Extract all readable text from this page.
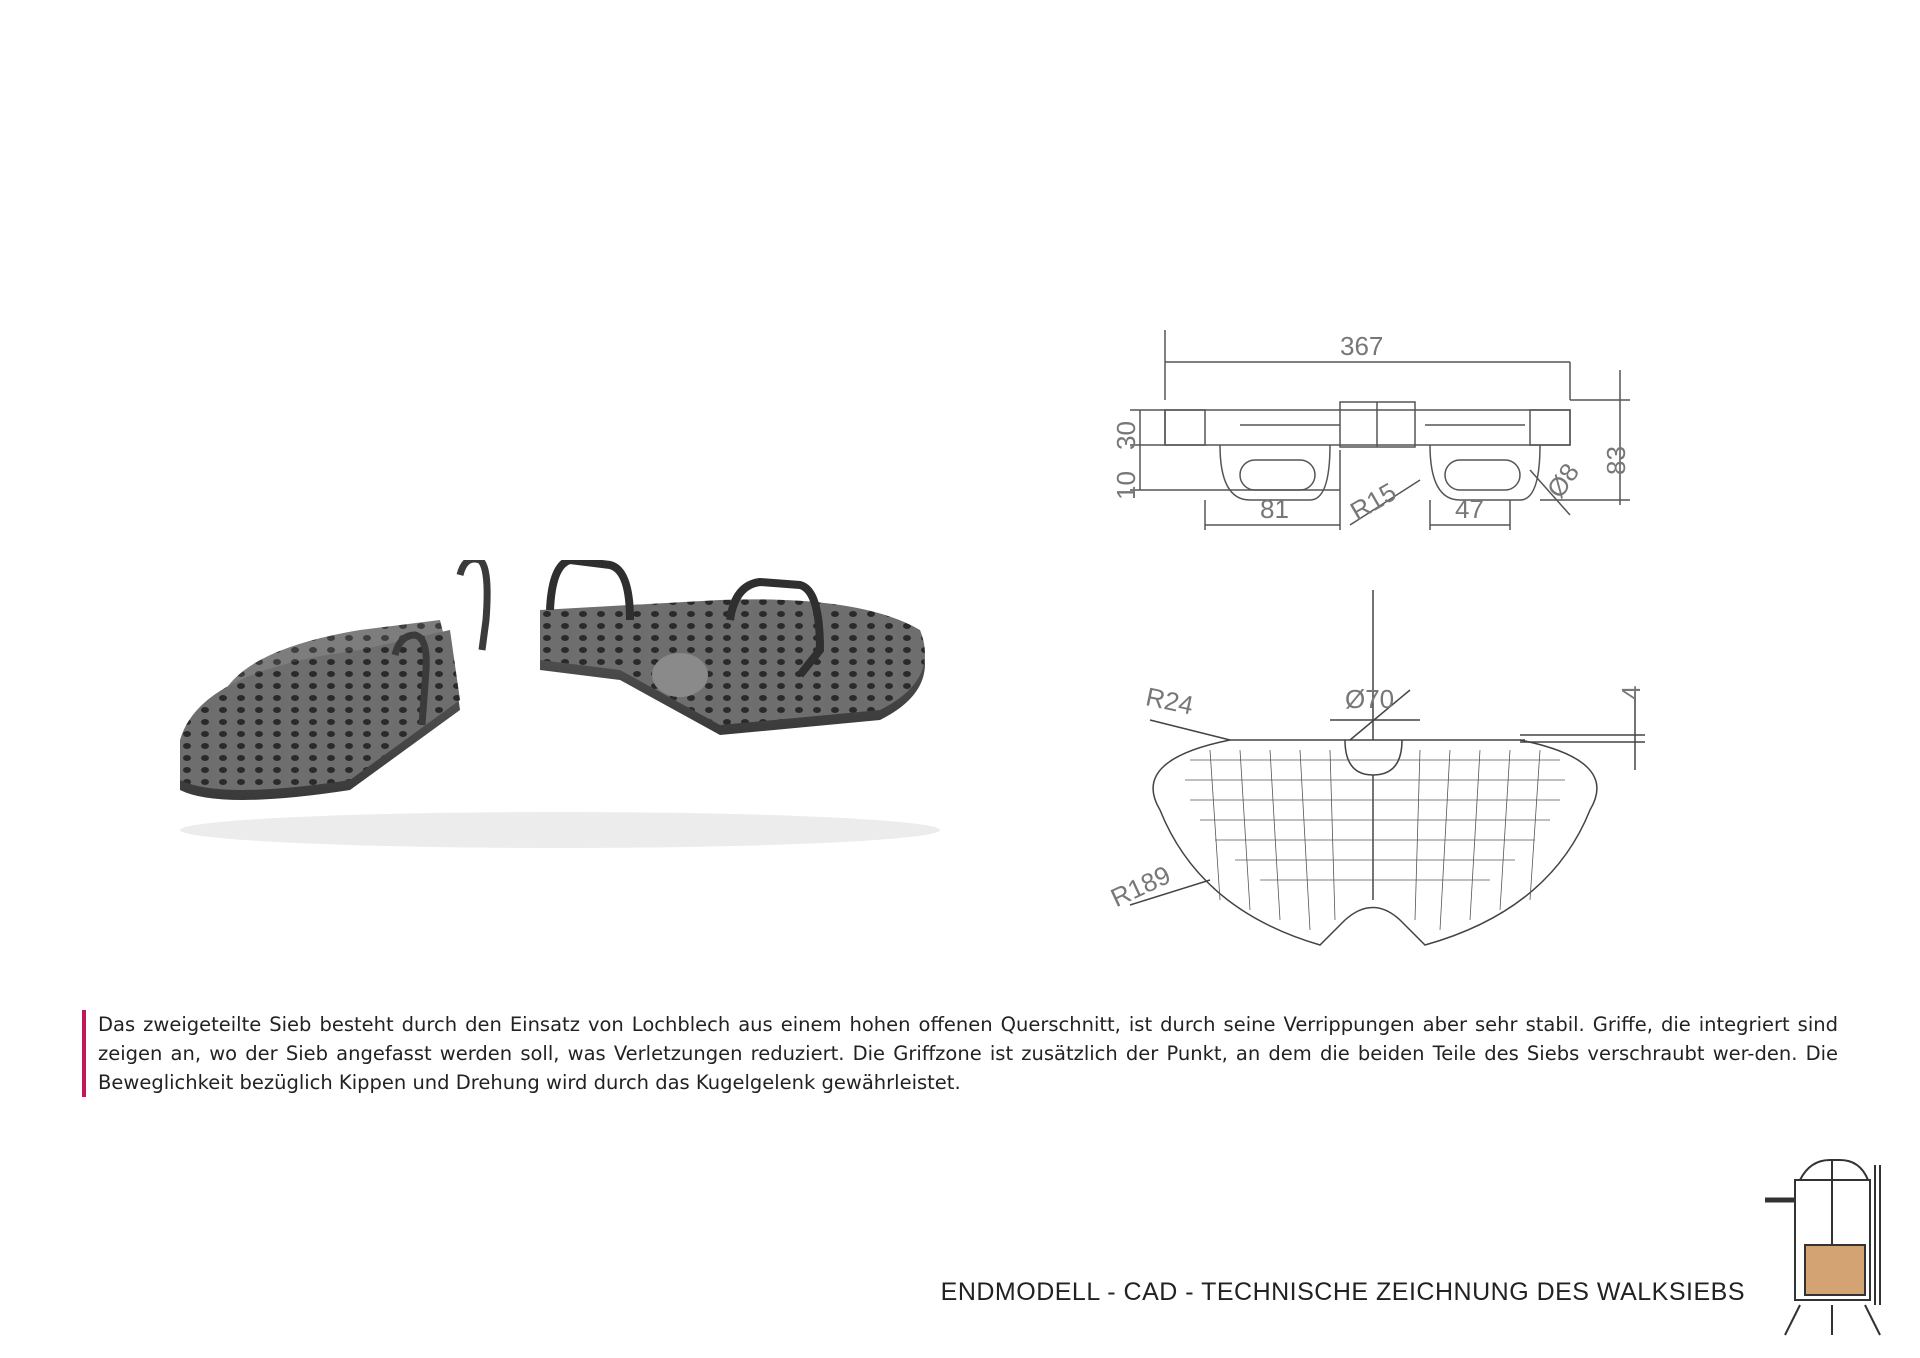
367
30
10
83
R15	Ø8
81	47
Ø70
R24
R189
4

Das zweigeteilte Sieb besteht durch den Einsatz von Lochblech aus einem hohen offenen Querschnitt, ist durch seine Verrippungen aber sehr stabil. Griffe, die integriert sind zeigen an, wo der Sieb angefasst werden soll, was Verletzungen reduziert. Die Griffzone ist zusätzlich der Punkt, an dem die beiden Teile des Siebs verschraubt wer-den. Die Beweglichkeit bezüglich Kippen und Drehung wird durch das Kugelgelenk gewährleistet.

ENDMODELL - CAD - TECHNISCHE ZEICHNUNG DES WALKSIEBS
